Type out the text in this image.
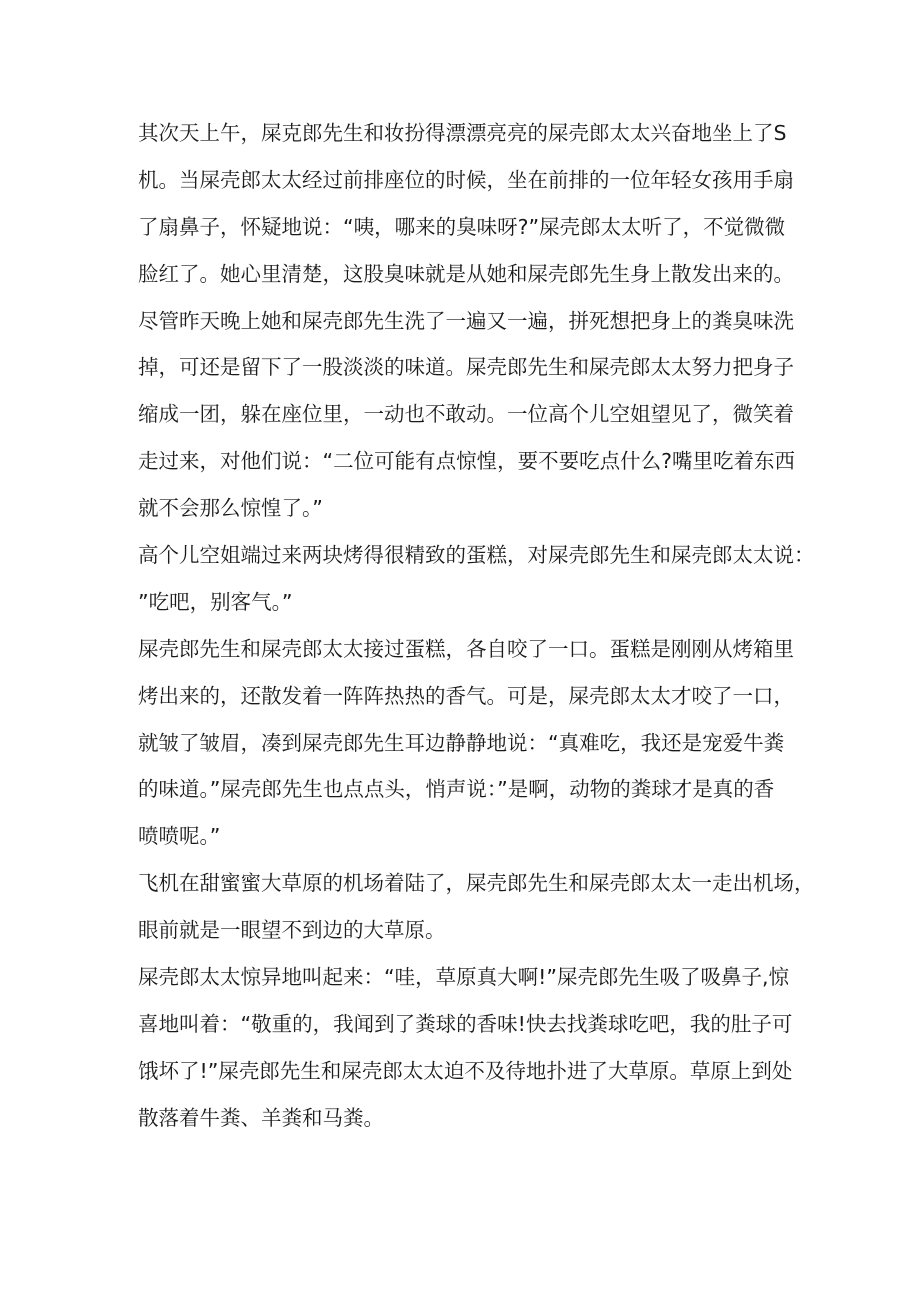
其次天上午，屎克郎先生和妆扮得漂漂亮亮的屎壳郎太太兴奋地坐上了S
机。当屎壳郎太太经过前排座位的时候，坐在前排的一位年轻女孩用手扇
了扇鼻子，怀疑地说：“咦，哪来的臭味呀?”屎壳郎太太听了，不觉微微
脸红了。她心里清楚，这股臭味就是从她和屎壳郎先生身上散发出来的。
尽管昨天晚上她和屎壳郎先生洗了一遍又一遍，拼死想把身上的粪臭味洗
掉，可还是留下了一股淡淡的味道。屎壳郎先生和屎壳郎太太努力把身子
缩成一团，躲在座位里，一动也不敢动。一位高个儿空姐望见了，微笑着
走过来，对他们说：“二位可能有点惊惶，要不要吃点什么?嘴里吃着东西
就不会那么惊惶了。”
高个儿空姐端过来两块烤得很精致的蛋糕，对屎壳郎先生和屎壳郎太太说：
”吃吧，别客气。”
屎壳郎先生和屎壳郎太太接过蛋糕，各自咬了一口。蛋糕是刚刚从烤箱里
烤出来的，还散发着一阵阵热热的香气。可是，屎壳郎太太才咬了一口，
就皱了皱眉，凑到屎壳郎先生耳边静静地说：“真难吃，我还是宠爱牛粪
的味道。”屎壳郎先生也点点头，悄声说：”是啊，动物的粪球才是真的香
喷喷呢。”
飞机在甜蜜蜜大草原的机场着陆了，屎壳郎先生和屎壳郎太太一走出机场，
眼前就是一眼望不到边的大草原。
屎壳郎太太惊异地叫起来：“哇，草原真大啊!”屎壳郎先生吸了吸鼻子,惊
喜地叫着：“敬重的，我闻到了粪球的香味!快去找粪球吃吧，我的肚子可
饿坏了!”屎壳郎先生和屎壳郎太太迫不及待地扑进了大草原。草原上到处
散落着牛粪、羊粪和马粪。
